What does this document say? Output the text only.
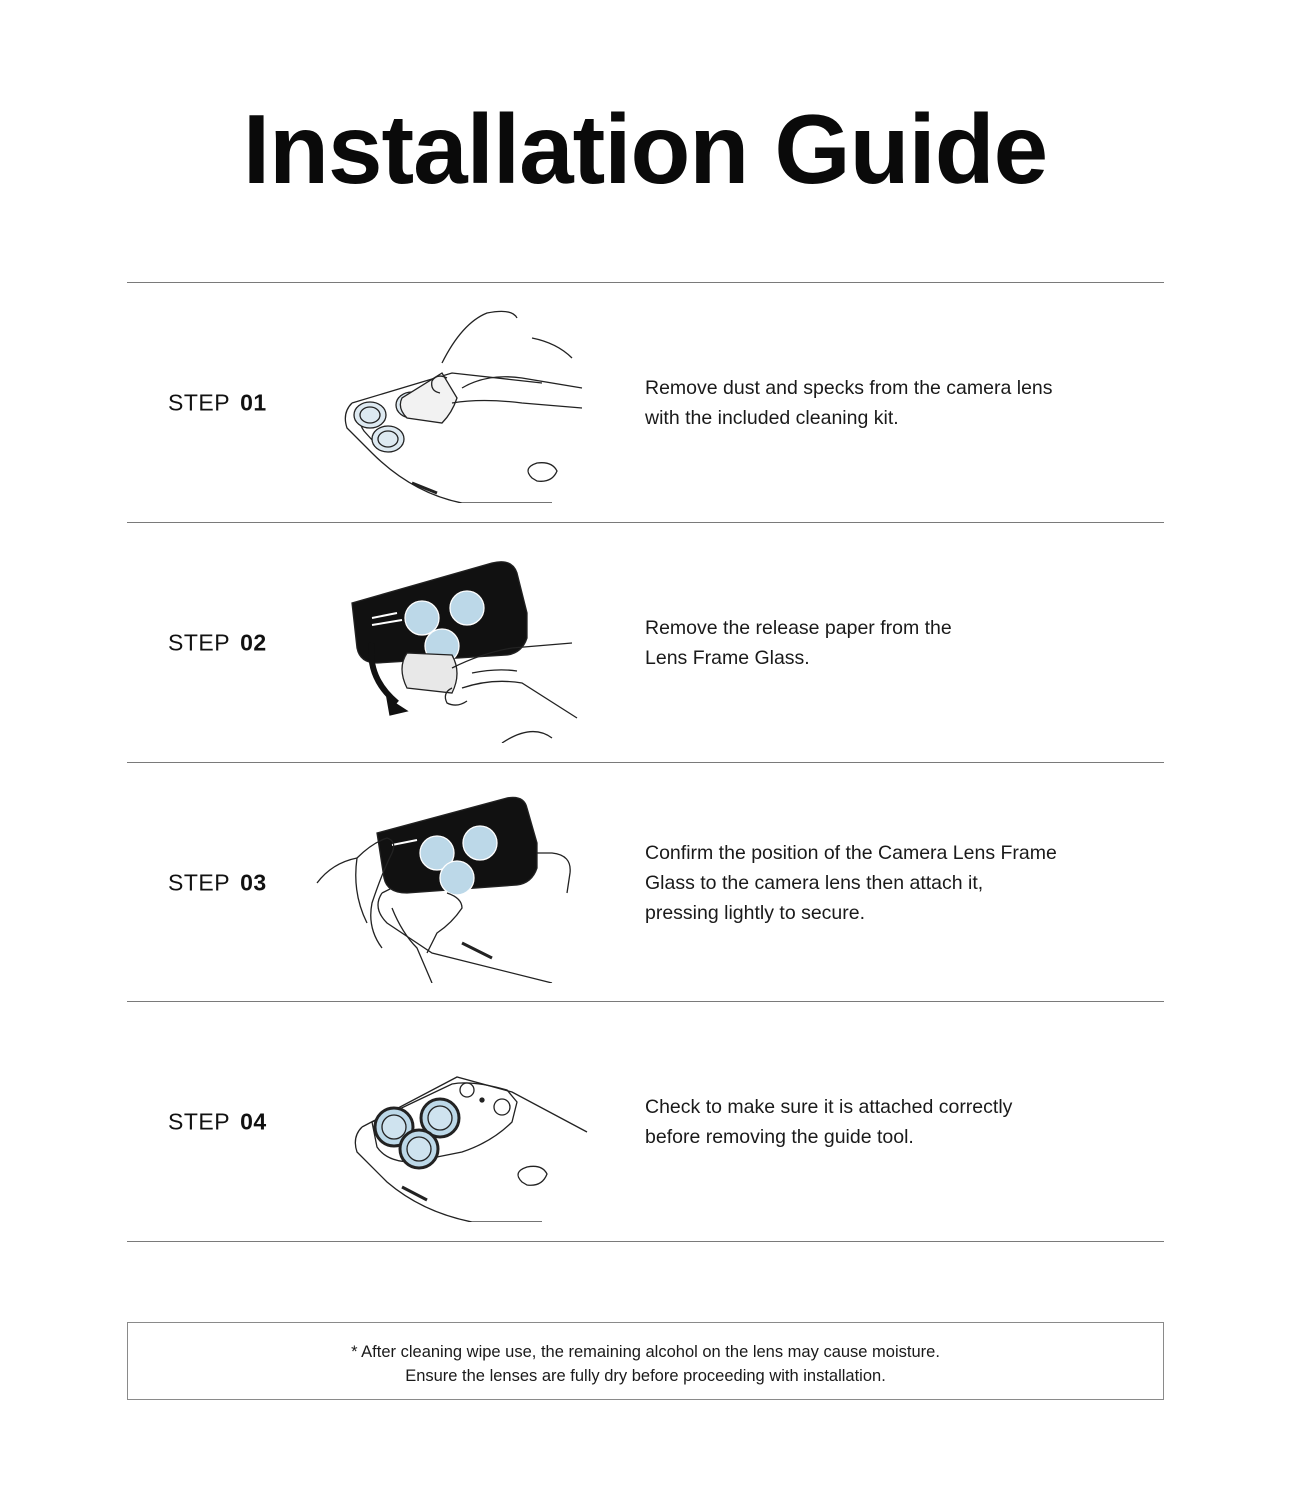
Installation Guide
STEP 01
Remove dust and specks from the camera lens
with the included cleaning kit.
STEP 02
Remove the release paper from the
Lens Frame Glass.
STEP 03
Confirm the position of the Camera Lens Frame
Glass to the camera lens then attach it,
pressing lightly to secure.
STEP 04
Check to make sure it is attached correctly
before removing the guide tool.
* After cleaning wipe use, the remaining alcohol on the lens may cause moisture.
Ensure the lenses are fully dry before proceeding with installation.
